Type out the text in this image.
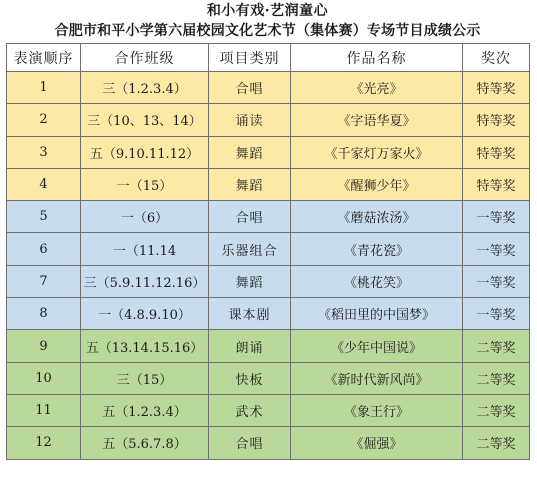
和小有戏·艺润童心
合肥市和平小学第六届校园文化艺术节（集体赛）专场节目成绩公示
表演顺序	合作班级	项目类别	作品名称	奖次
1	三（1.2.3.4）	合唱	《光亮》	特等奖
2	三（10、13、14）	诵读	《字语华夏》	特等奖
3	五（9.10.11.12）	舞蹈	《千家灯万家火》	特等奖
4	一（15）	舞蹈	《醒狮少年》	特等奖
5	一（6）	合唱	《蘑菇浓汤》	一等奖
6	一（11.14	乐器组合	《青花瓷》	一等奖
7	三（5.9.11.12.16）	舞蹈	《桃花笑》	一等奖
8	一（4.8.9.10）	课本剧	《稻田里的中国梦》	一等奖
9	五（13.14.15.16）	朗诵	《少年中国说》	二等奖
10	三（15）	快板	《新时代新风尚》	二等奖
11	五（1.2.3.4）	武术	《象王行》	二等奖
12	五（5.6.7.8）	合唱	《倔强》	二等奖
